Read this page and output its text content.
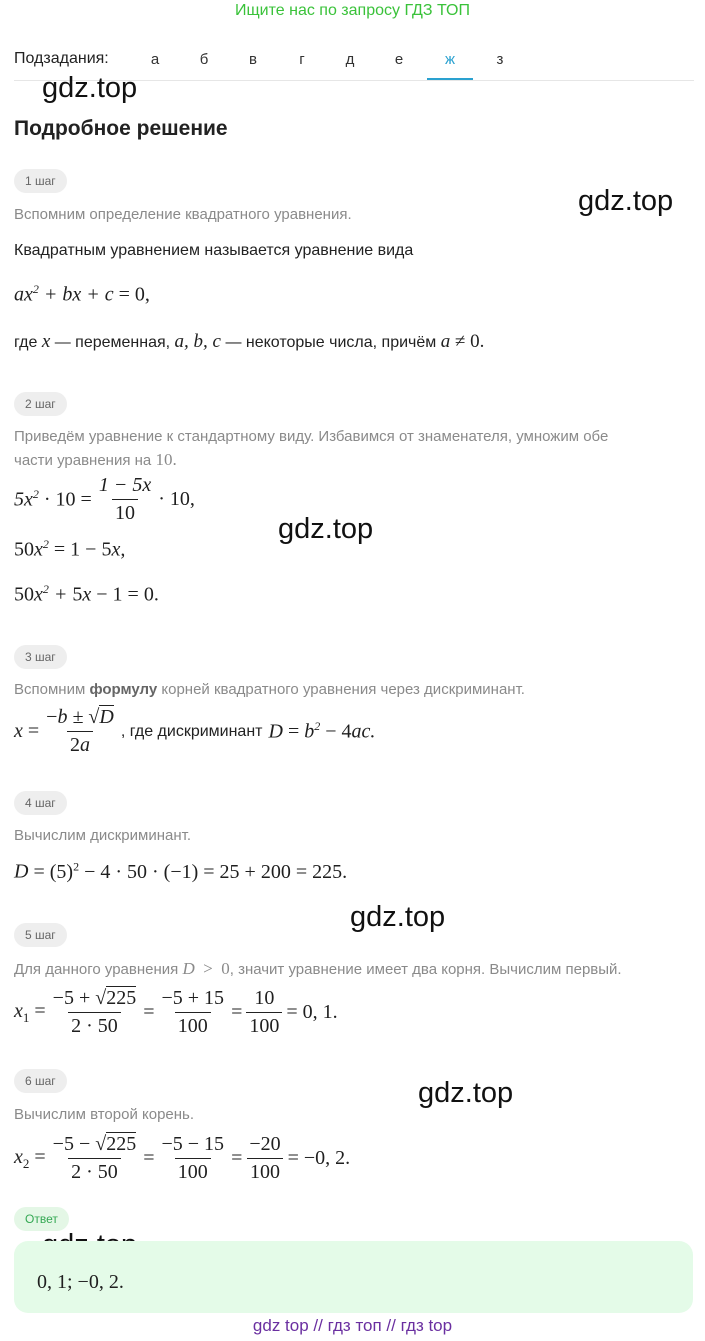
Ищите нас по запросу ГДЗ ТОП
Подзадания:	а	б	в	г	д	е	ж	з
gdz.top
gdz.top
gdz.top
gdz.top
gdz.top
Подробное решение
1 шаг
Вспомним определение квадратного уравнения.
Квадратным уравнением называется уравнение вида
$ax^2$ + bx + c = 0,
где x — переменная, a, b, c — некоторые числа, причём a ≠ 0.
2 шаг
Приведём уравнение к стандартному виду. Избавимся от знаменателя, умножим обе
части уравнения на 10.
$5x^2 \cdot 10 = \frac{1 - 5x}{10} \cdot 10$,
$50x^2 = 1 - 5x$,
$50x^2 + 5x - 1 = 0$.
3 шаг
Вспомним формулу корней квадратного уравнения через дискриминант.
$x = \frac{-b \pm √D}{2a}$ , где дискриминант $D = b^2 - 4ac$.
4 шаг
Вычислим дискриминант.
$D = (5)^2 - 4 \cdot 50 \cdot (-1) = 25 + 200 = 225$.
5 шаг
Для данного уравнения D  >  0, значит уравнение имеет два корня. Вычислим первый.
$x_1 = \frac{-5 + √225}{2 \cdot 50} = \frac{-5 + 15}{100} = \frac{10}{100} = 0$, 1.
6 шаг
Вычислим второй корень.
$x_2 = \frac{-5 - √225}{2 \cdot 50} = \frac{-5 - 15}{100} = \frac{-20}{100} = -0$, 2.
Ответ
0, 1; −0, 2.
gdz top // гдз топ // гдз top
